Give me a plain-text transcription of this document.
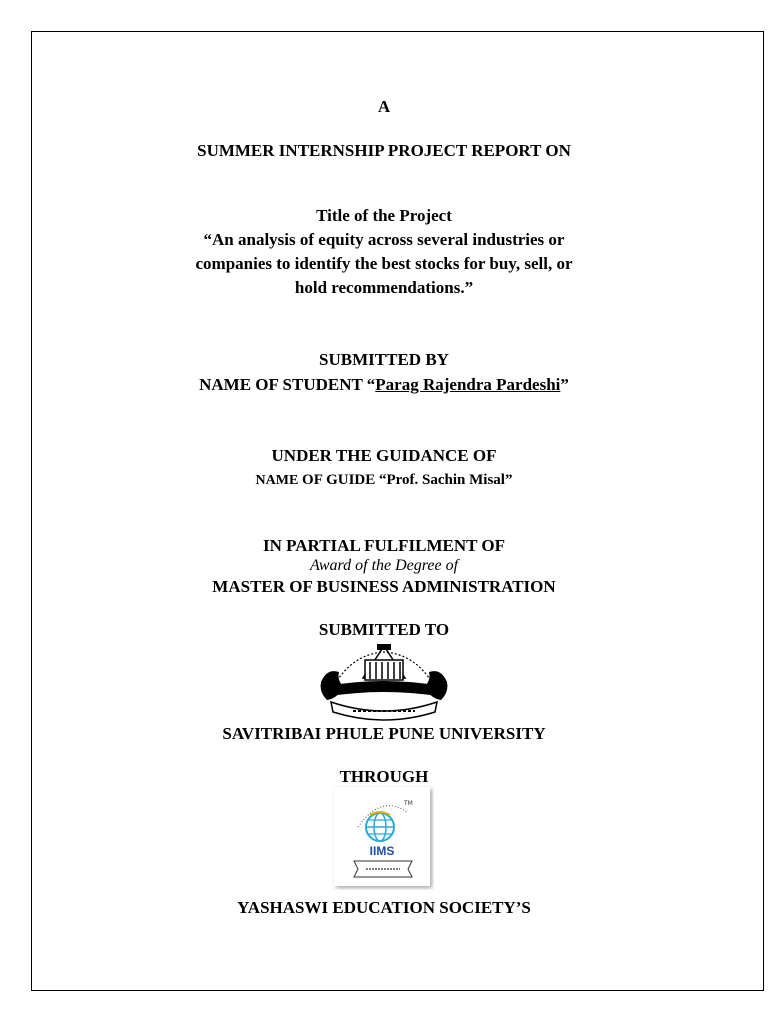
A
SUMMER INTERNSHIP PROJECT REPORT ON
Title of the Project
“An analysis of equity across several industries or
companies to identify the best stocks for buy, sell, or
hold recommendations.”
SUBMITTED BY
NAME OF STUDENT “Parag Rajendra Pardeshi”
UNDER THE GUIDANCE OF
NAME OF GUIDE “Prof. Sachin Misal”
IN PARTIAL FULFILMENT OF
Award of the Degree of
MASTER OF BUSINESS ADMINISTRATION
SUBMITTED TO
SAVITRIBAI PHULE PUNE UNIVERSITY
THROUGH
TM
IIMS
YASHASWI EDUCATION SOCIETY’S
